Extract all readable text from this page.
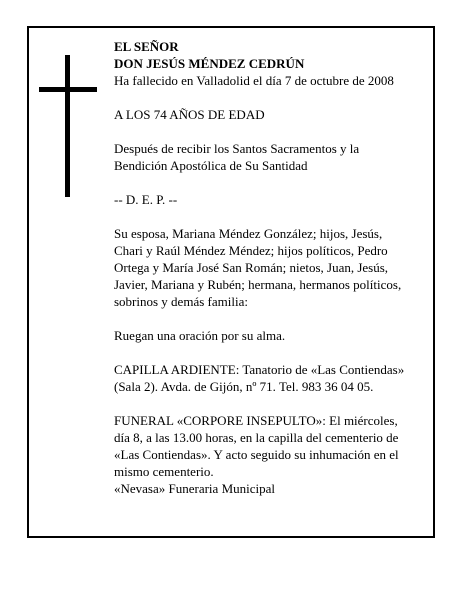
EL SEÑOR
DON JESÚS MÉNDEZ CEDRÚN
Ha fallecido en Valladolid el día 7 de octubre de 2008
A LOS 74 AÑOS DE EDAD
Después de recibir los Santos Sacramentos y la
Bendición Apostólica de Su Santidad
-- D. E. P. --
Su esposa, Mariana Méndez González; hijos, Jesús,
Chari y Raúl Méndez Méndez; hijos políticos, Pedro
Ortega y María José San Román; nietos, Juan, Jesús,
Javier, Mariana y Rubén; hermana, hermanos políticos,
sobrinos y demás familia:
Ruegan una oración por su alma.
CAPILLA ARDIENTE: Tanatorio de «Las Contiendas»
(Sala 2). Avda. de Gijón, nº 71. Tel. 983 36 04 05.
FUNERAL «CORPORE INSEPULTO»: El miércoles,
día 8, a las 13.00 horas, en la capilla del cementerio de
«Las Contiendas». Y acto seguido su inhumación en el
mismo cementerio.
«Nevasa» Funeraria Municipal
